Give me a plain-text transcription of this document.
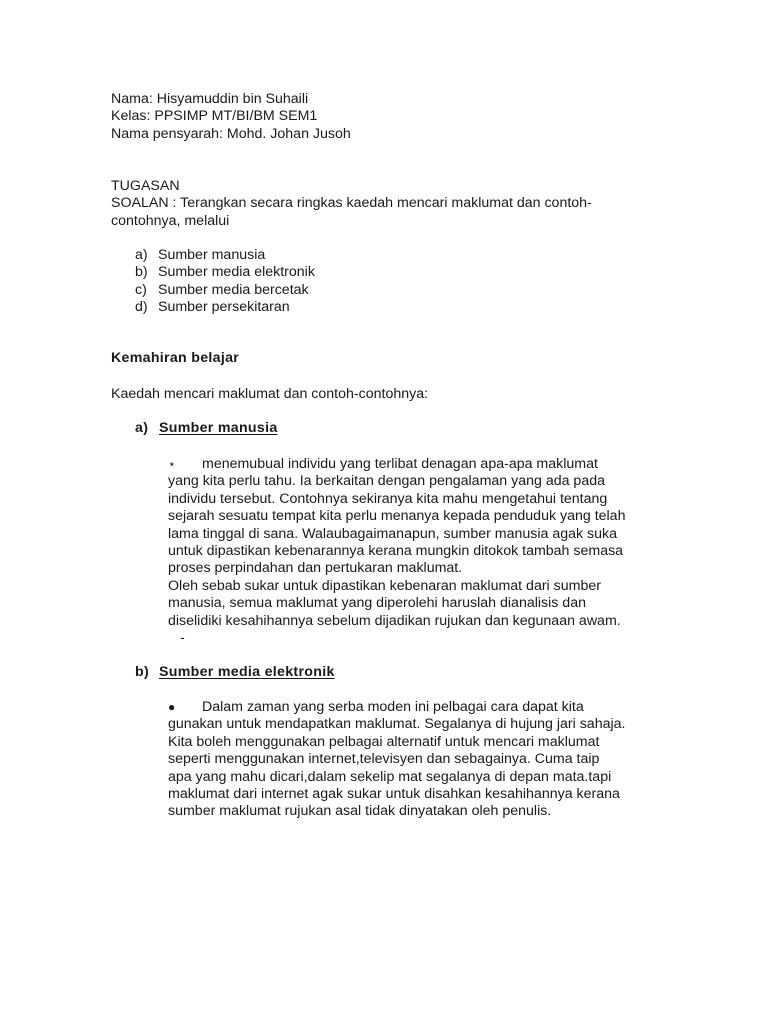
Nama: Hisyamuddin bin Suhaili
Kelas: PPSIMP MT/BI/BM SEM1
Nama pensyarah: Mohd. Johan Jusoh
TUGASAN
SOALAN : Terangkan secara ringkas kaedah mencari maklumat dan contoh-
contohnya, melalui
a) Sumber manusia
b) Sumber media elektronik
c) Sumber media bercetak
d) Sumber persekitaran
Kemahiran belajar
Kaedah mencari maklumat dan contoh-contohnya:
a) Sumber manusia
⋆ menemubual individu yang terlibat denagan apa-apa maklumat
yang kita perlu tahu. Ia berkaitan dengan pengalaman yang ada pada
individu tersebut. Contohnya sekiranya kita mahu mengetahui tentang
sejarah sesuatu tempat kita perlu menanya kepada penduduk yang telah
lama tinggal di sana. Walaubagaimanapun, sumber manusia agak suka
untuk dipastikan kebenarannya kerana mungkin ditokok tambah semasa
proses perpindahan dan pertukaran maklumat.
Oleh sebab sukar untuk dipastikan kebenaran maklumat dari sumber
manusia, semua maklumat yang diperolehi haruslah dianalisis dan
diselidiki kesahihannya sebelum dijadikan rujukan dan kegunaan awam.
-
b) Sumber media elektronik
● Dalam zaman yang serba moden ini pelbagai cara dapat kita
gunakan untuk mendapatkan maklumat. Segalanya di hujung jari sahaja.
Kita boleh menggunakan pelbagai alternatif untuk mencari maklumat
seperti menggunakan internet,televisyen dan sebagainya. Cuma taip
apa yang mahu dicari,dalam sekelip mat segalanya di depan mata.tapi
maklumat dari internet agak sukar untuk disahkan kesahihannya kerana
sumber maklumat rujukan asal tidak dinyatakan oleh penulis.
